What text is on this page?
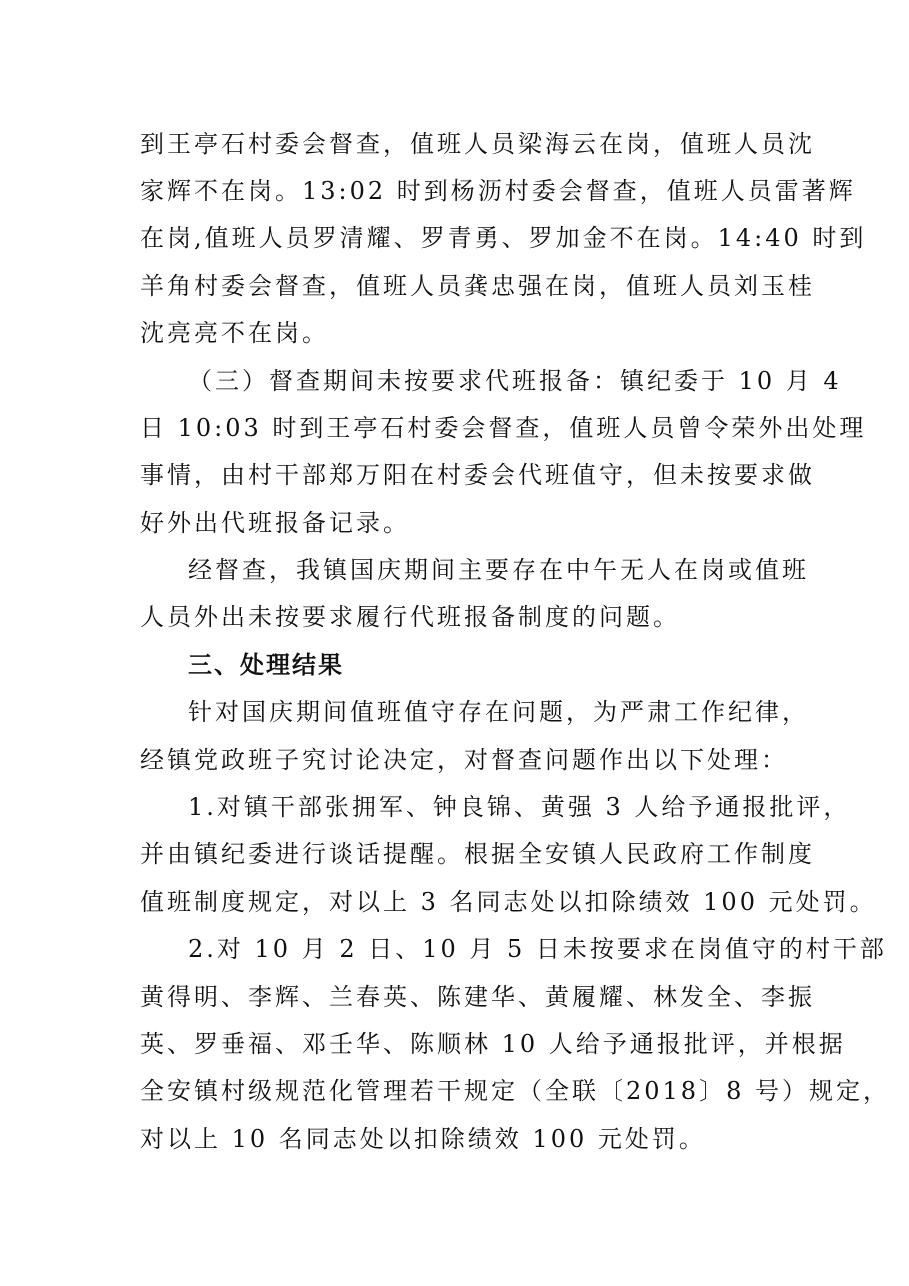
到王亭石村委会督查，值班人员梁海云在岗，值班人员沈
家辉不在岗。13:02 时到杨沥村委会督查，值班人员雷著辉
在岗,值班人员罗清耀、罗青勇、罗加金不在岗。14:40 时到
羊角村委会督查，值班人员龚忠强在岗，值班人员刘玉桂
沈亮亮不在岗。
（三）督查期间未按要求代班报备：镇纪委于 10 月 4
日 10:03 时到王亭石村委会督查，值班人员曾令荣外出处理
事情，由村干部郑万阳在村委会代班值守，但未按要求做
好外出代班报备记录。
经督查，我镇国庆期间主要存在中午无人在岗或值班
人员外出未按要求履行代班报备制度的问题。
三、处理结果
针对国庆期间值班值守存在问题，为严肃工作纪律，
经镇党政班子究讨论决定，对督查问题作出以下处理：
1.对镇干部张拥军、钟良锦、黄强 3 人给予通报批评，
并由镇纪委进行谈话提醒。根据全安镇人民政府工作制度
值班制度规定，对以上 3 名同志处以扣除绩效 100 元处罚。
2.对 10 月 2 日、10 月 5 日未按要求在岗值守的村干部
黄得明、李辉、兰春英、陈建华、黄履耀、林发全、李振
英、罗垂福、邓壬华、陈顺林 10 人给予通报批评，并根据
全安镇村级规范化管理若干规定（全联〔2018〕8 号）规定，
对以上 10 名同志处以扣除绩效 100 元处罚。
